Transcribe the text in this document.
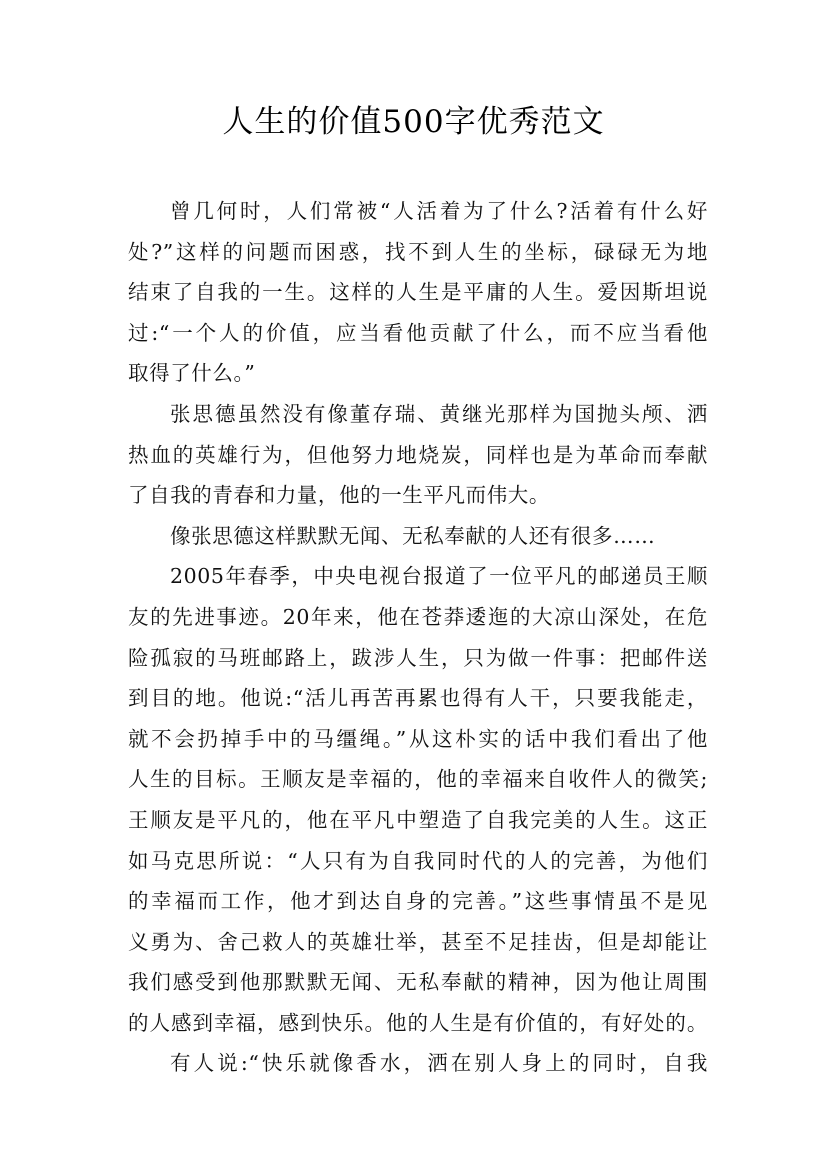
人生的价值500字优秀范文
曾几何时，人们常被“人活着为了什么?活着有什么好
处?”这样的问题而困惑，找不到人生的坐标，碌碌无为地
结束了自我的一生。这样的人生是平庸的人生。爱因斯坦说
过:“一个人的价值，应当看他贡献了什么，而不应当看他
取得了什么。”
张思德虽然没有像董存瑞、黄继光那样为国抛头颅、洒
热血的英雄行为，但他努力地烧炭，同样也是为革命而奉献
了自我的青春和力量，他的一生平凡而伟大。
像张思德这样默默无闻、无私奉献的人还有很多……
2005年春季，中央电视台报道了一位平凡的邮递员王顺
友的先进事迹。20年来，他在苍莽逶迤的大凉山深处，在危
险孤寂的马班邮路上，跋涉人生，只为做一件事：把邮件送
到目的地。他说:“活儿再苦再累也得有人干，只要我能走，
就不会扔掉手中的马缰绳。”从这朴实的话中我们看出了他
人生的目标。王顺友是幸福的，他的幸福来自收件人的微笑;
王顺友是平凡的，他在平凡中塑造了自我完美的人生。这正
如马克思所说：“人只有为自我同时代的人的完善，为他们
的幸福而工作，他才到达自身的完善。”这些事情虽不是见
义勇为、舍己救人的英雄壮举，甚至不足挂齿，但是却能让
我们感受到他那默默无闻、无私奉献的精神，因为他让周围
的人感到幸福，感到快乐。他的人生是有价值的，有好处的。
有人说:“快乐就像香水，洒在别人身上的同时，自我
